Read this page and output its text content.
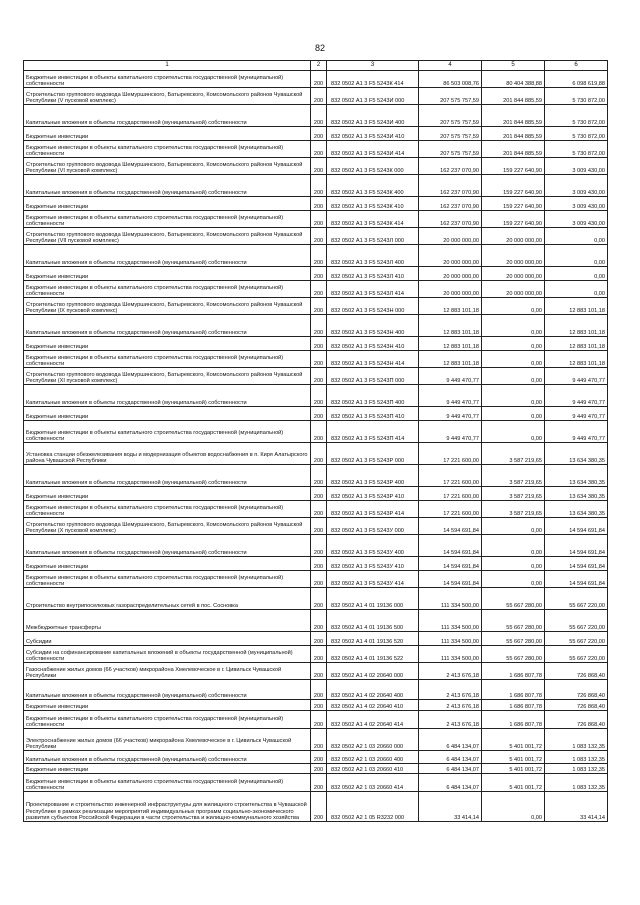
82
1	2	3	4	5	6
Бюджетные инвестиции в объекты капитального строительства государственной (муниципальной) собственности	200	832 0502 А1 3 F5 5243К 414	86 503 008,76	80 404 388,88	6 098 619,88
Строительство группового водовода Шемуршинского, Батыревского, Комсомольского районов Чувашской Республики (V пусковой комплекс)	200	832 0502 А1 3 F5 5243И 000	207 575 757,59	201 844 885,59	5 730 872,00
Капитальные вложения в объекты государственной (муниципальной) собственности	200	832 0502 А1 3 F5 5243И 400	207 575 757,59	201 844 885,59	5 730 872,00
Бюджетные инвестиции	200	832 0502 А1 3 F5 5243И 410	207 575 757,59	201 844 885,59	5 730 872,00
Бюджетные инвестиции в объекты капитального строительства государственной (муниципальной) собственности	200	832 0502 А1 3 F5 5243И 414	207 575 757,59	201 844 885,59	5 730 872,00
Строительство группового водовода Шемуршинского, Батыревского, Комсомольского районов Чувашской Республики (VI пусковой комплекс)	200	832 0502 А1 3 F5 5243К 000	162 237 070,90	159 227 640,90	3 009 430,00
Капитальные вложения в объекты государственной (муниципальной) собственности	200	832 0502 А1 3 F5 5243К 400	162 237 070,90	159 227 640,90	3 009 430,00
Бюджетные инвестиции	200	832 0502 А1 3 F5 5243К 410	162 237 070,90	159 227 640,90	3 009 430,00
Бюджетные инвестиции в объекты капитального строительства государственной (муниципальной) собственности	200	832 0502 А1 3 F5 5243К 414	162 237 070,90	159 227 640,90	3 009 430,00
Строительство группового водовода Шемуршинского, Батыревского, Комсомольского районов Чувашской Республики (VII пусковой комплекс)	200	832 0502 А1 3 F5 5243Л 000	20 000 000,00	20 000 000,00	0,00
Капитальные вложения в объекты государственной (муниципальной) собственности	200	832 0502 А1 3 F5 5243Л 400	20 000 000,00	20 000 000,00	0,00
Бюджетные инвестиции	200	832 0502 А1 3 F5 5243Л 410	20 000 000,00	20 000 000,00	0,00
Бюджетные инвестиции в объекты капитального строительства государственной (муниципальной) собственности	200	832 0502 А1 3 F5 5243Л 414	20 000 000,00	20 000 000,00	0,00
Строительство группового водовода Шемуршинского, Батыревского, Комсомольского районов Чувашской Республики (IX пусковой комплекс)	200	832 0502 А1 3 F5 5243Н 000	12 883 101,18	0,00	12 883 101,18
Капитальные вложения в объекты государственной (муниципальной) собственности	200	832 0502 А1 3 F5 5243Н 400	12 883 101,18	0,00	12 883 101,18
Бюджетные инвестиции	200	832 0502 А1 3 F5 5243Н 410	12 883 101,18	0,00	12 883 101,18
Бюджетные инвестиции в объекты капитального строительства государственной (муниципальной) собственности	200	832 0502 А1 3 F5 5243Н 414	12 883 101,18	0,00	12 883 101,18
Строительство группового водовода Шемуршинского, Батыревского, Комсомольского районов Чувашской Республики (XI пусковой комплекс)	200	832 0502 А1 3 F5 5243П 000	9 449 470,77	0,00	9 449 470,77
Капитальные вложения в объекты государственной (муниципальной) собственности	200	832 0502 А1 3 F5 5243П 400	9 449 470,77	0,00	9 449 470,77
Бюджетные инвестиции	200	832 0502 А1 3 F5 5243П 410	9 449 470,77	0,00	9 449 470,77
Бюджетные инвестиции в объекты капитального строительства государственной (муниципальной) собственности	200	832 0502 А1 3 F5 5243П 414	9 449 470,77	0,00	9 449 470,77
Установка станции обезжелезивания воды и модернизация объектов водоснабжения в п. Киря Алатырского района Чувашской Республики	200	832 0502 А1 3 F5 5243Р 000	17 221 600,00	3 587 219,65	13 634 380,35
Капитальные вложения в объекты государственной (муниципальной) собственности	200	832 0502 А1 3 F5 5243Р 400	17 221 600,00	3 587 219,65	13 634 380,35
Бюджетные инвестиции	200	832 0502 А1 3 F5 5243Р 410	17 221 600,00	3 587 219,65	13 634 380,35
Бюджетные инвестиции в объекты капитального строительства государственной (муниципальной) собственности	200	832 0502 А1 3 F5 5243Р 414	17 221 600,00	3 587 219,65	13 634 380,35
Строительство группового водовода Шемуршинского, Батыревского, Комсомольского районов Чувашской Республики (X пусковой комплекс)	200	832 0502 А1 3 F5 5243У 000	14 594 691,84	0,00	14 594 691,84
Капитальные вложения в объекты государственной (муниципальной) собственности	200	832 0502 А1 3 F5 5243У 400	14 594 691,84	0,00	14 594 691,84
Бюджетные инвестиции	200	832 0502 А1 3 F5 5243У 410	14 594 691,84	0,00	14 594 691,84
Бюджетные инвестиции в объекты капитального строительства государственной (муниципальной) собственности	200	832 0502 А1 3 F5 5243У 414	14 594 691,84	0,00	14 594 691,84
Строительство внутрипоселковых газораспределительных сетей в пос. Сосновка	200	832 0502 А1 4 01 19136 000	111 334 500,00	55 667 280,00	55 667 220,00
Межбюджетные трансферты	200	832 0502 А1 4 01 19136 500	111 334 500,00	55 667 280,00	55 667 220,00
Субсидии	200	832 0502 А1 4 01 19136 520	111 334 500,00	55 667 280,00	55 667 220,00
Субсидии на софинансирование капитальных вложений в объекты государственной (муниципальной) собственности	200	832 0502 А1 4 01 19136 522	111 334 500,00	55 667 280,00	55 667 220,00
Газоснабжение жилых домов (66 участков) микрорайона Хмелевоческое в г. Цивильск Чувашской Республики	200	832 0502 А1 4 02 20640 000	2 413 676,18	1 686 807,78	726 868,40
Капитальные вложения в объекты государственной (муниципальной) собственности	200	832 0502 А1 4 02 20640 400	2 413 676,18	1 686 807,78	726 868,40
Бюджетные инвестиции	200	832 0502 А1 4 02 20640 410	2 413 676,18	1 686 807,78	726 868,40
Бюджетные инвестиции в объекты капитального строительства государственной (муниципальной) собственности	200	832 0502 А1 4 02 20640 414	2 413 676,18	1 686 807,78	726 868,40
Электроснабжение жилых домов (66 участков) микрорайона Хмелевоческое в г. Цивильск Чувашской Республики	200	832 0502 А2 1 03 20660 000	6 484 134,07	5 401 001,72	1 083 132,35
Капитальные вложения в объекты государственной (муниципальной) собственности	200	832 0502 А2 1 03 20660 400	6 484 134,07	5 401 001,72	1 083 132,35
Бюджетные инвестиции	200	832 0502 А2 1 03 20660 410	6 484 134,07	5 401 001,72	1 083 132,35
Бюджетные инвестиции в объекты капитального строительства государственной (муниципальной) собственности	200	832 0502 А2 1 03 20660 414	6 484 134,07	5 401 001,72	1 083 132,35
Проектирование и строительство инженерной инфраструктуры для жилищного строительства в Чувашской Республике в рамках реализации мероприятий индивидуальных программ социально-экономического развития субъектов Российской Федерации в части строительства и жилищно-коммунального хозяйства	200	832 0502 А2 1 05 R3232 000	33 414,14	0,00	33 414,14
